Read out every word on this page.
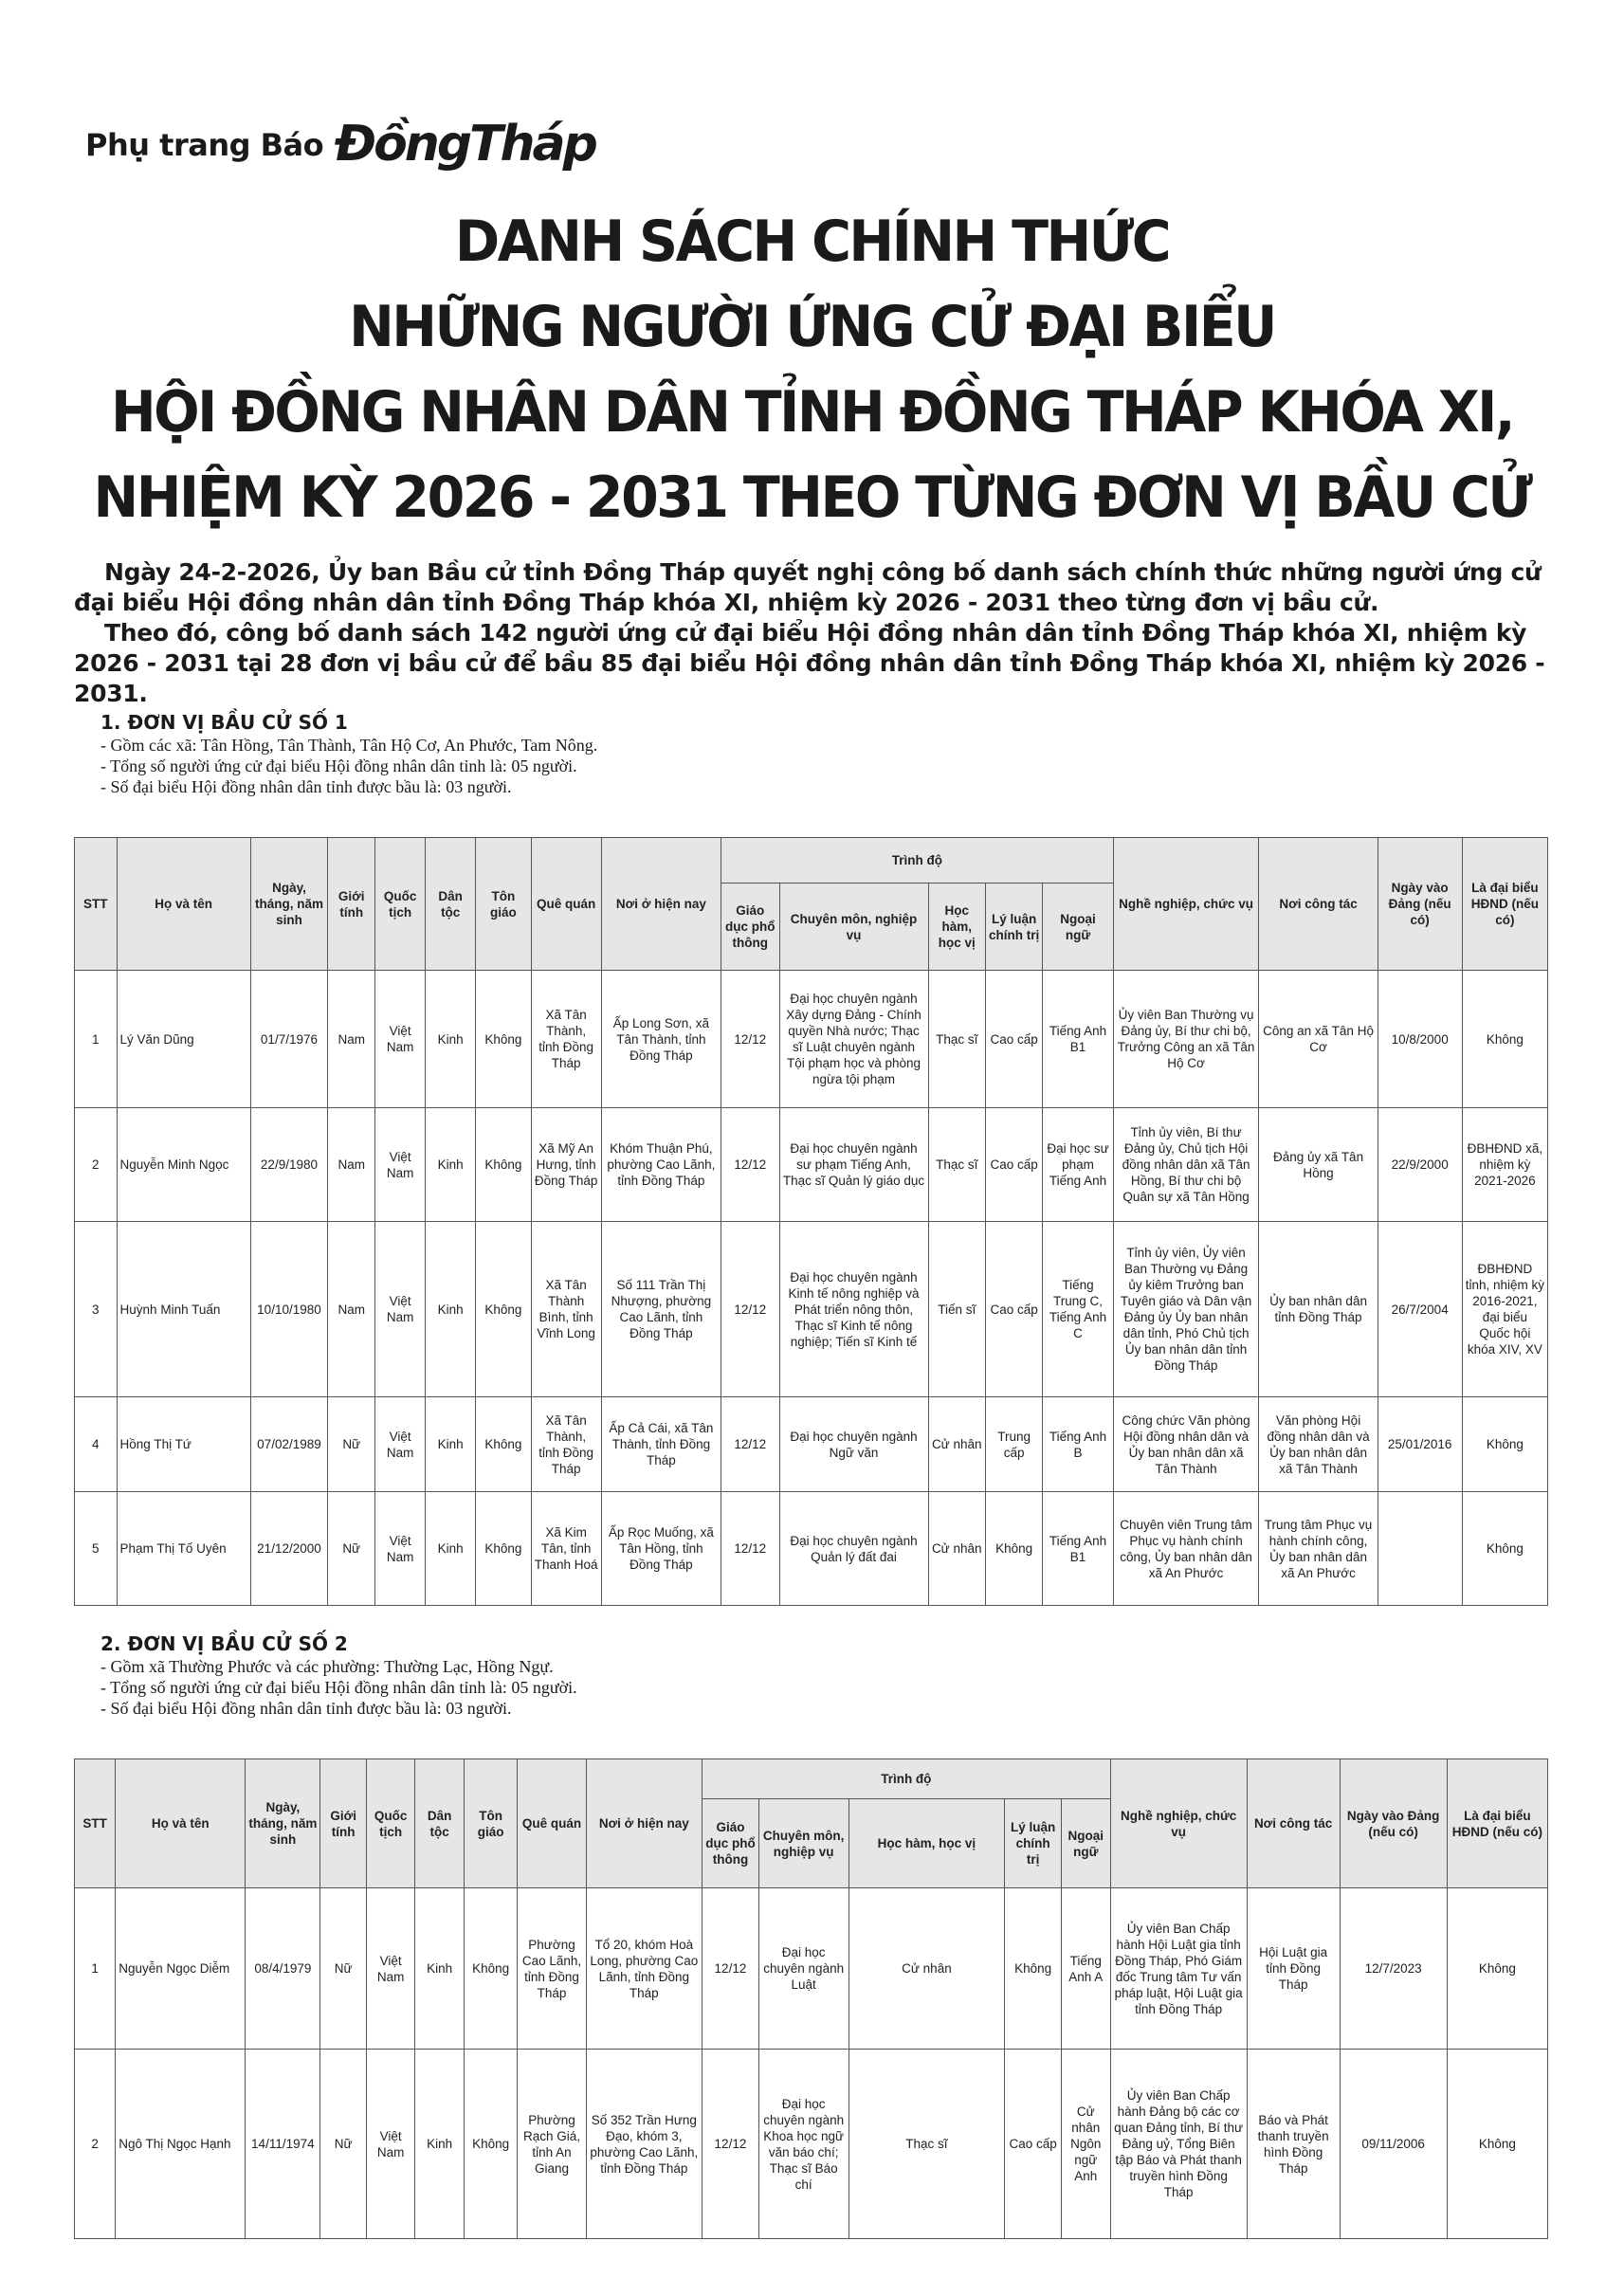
Phụ trang Báo ĐồngTháp
DANH SÁCH CHÍNH THỨC
NHỮNG NGƯỜI ỨNG CỬ ĐẠI BIỂU
HỘI ĐỒNG NHÂN DÂN TỈNH ĐỒNG THÁP KHÓA XI,
NHIỆM KỲ 2026 - 2031 THEO TỪNG ĐƠN VỊ BẦU CỬ

Ngày 24-2-2026, Ủy ban Bầu cử tỉnh Đồng Tháp quyết nghị công bố danh sách chính thức những người ứng cử đại biểu Hội đồng nhân dân tỉnh Đồng Tháp khóa XI, nhiệm kỳ 2026 - 2031 theo từng đơn vị bầu cử.

Theo đó, công bố danh sách 142 người ứng cử đại biểu Hội đồng nhân dân tỉnh Đồng Tháp khóa XI, nhiệm kỳ 2026 - 2031 tại 28 đơn vị bầu cử để bầu 85 đại biểu Hội đồng nhân dân tỉnh Đồng Tháp khóa XI, nhiệm kỳ 2026 - 2031.

1. ĐƠN VỊ BẦU CỬ SỐ 1
- Gồm các xã: Tân Hồng, Tân Thành, Tân Hộ Cơ, An Phước, Tam Nông.
- Tổng số người ứng cử đại biểu Hội đồng nhân dân tỉnh là: 05 người.
- Số đại biểu Hội đồng nhân dân tỉnh được bầu là: 03 người.
STT	Họ và tên	Ngày, tháng, năm sinh	Giới tính	Quốc tịch	Dân tộc	Tôn giáo	Quê quán	Nơi ở hiện nay	Trình độ					Nghề nghiệp, chức vụ	Nơi công tác	Ngày vào Đảng (nếu có)	Là đại biểu HĐND (nếu có)
									Giáo dục phổ thông	Chuyên môn, nghiệp vụ	Học hàm, học vị	Lý luận chính trị	Ngoại ngữ				
1	Lý Văn Dũng	01/7/1976	Nam	Việt Nam	Kinh	Không	Xã Tân Thành, tỉnh Đồng Tháp	Ấp Long Sơn, xã Tân Thành, tỉnh Đồng Tháp	12/12	Đại học chuyên ngành Xây dựng Đảng - Chính quyền Nhà nước; Thạc sĩ Luật chuyên ngành Tội phạm học và phòng ngừa tội phạm	Thạc sĩ	Cao cấp	Tiếng Anh B1	Ủy viên Ban Thường vụ Đảng ủy, Bí thư chi bộ, Trưởng Công an xã Tân Hộ Cơ	Công an xã Tân Hộ Cơ	10/8/2000	Không
2	Nguyễn Minh Ngọc	22/9/1980	Nam	Việt Nam	Kinh	Không	Xã Mỹ An Hưng, tỉnh Đồng Tháp	Khóm Thuận Phú, phường Cao Lãnh, tỉnh Đồng Tháp	12/12	Đại học chuyên ngành sư phạm Tiếng Anh, Thạc sĩ Quản lý giáo dục	Thạc sĩ	Cao cấp	Đại học sư phạm Tiếng Anh	Tỉnh ủy viên, Bí thư Đảng ủy, Chủ tịch Hội đồng nhân dân xã Tân Hồng, Bí thư chi bộ Quân sự xã Tân Hồng	Đảng ủy xã Tân Hồng	22/9/2000	ĐBHĐND xã, nhiệm kỳ 2021-2026
3	Huỳnh Minh Tuấn	10/10/1980	Nam	Việt Nam	Kinh	Không	Xã Tân Thành Bình, tỉnh Vĩnh Long	Số 111 Trần Thị Nhượng, phường Cao Lãnh, tỉnh Đồng Tháp	12/12	Đại học chuyên ngành Kinh tế nông nghiệp và Phát triển nông thôn, Thạc sĩ Kinh tế nông nghiệp; Tiến sĩ Kinh tế	Tiến sĩ	Cao cấp	Tiếng Trung C, Tiếng Anh C	Tỉnh ủy viên, Ủy viên Ban Thường vụ Đảng ủy kiêm Trưởng ban Tuyên giáo và Dân vận Đảng ủy Ủy ban nhân dân tỉnh, Phó Chủ tịch Ủy ban nhân dân tỉnh Đồng Tháp	Ủy ban nhân dân tỉnh Đồng Tháp	26/7/2004	ĐBHĐND tỉnh, nhiệm kỳ 2016-2021, đại biểu Quốc hội khóa XIV, XV
4	Hồng Thị Tứ	07/02/1989	Nữ	Việt Nam	Kinh	Không	Xã Tân Thành, tỉnh Đồng Tháp	Ấp Cả Cái, xã Tân Thành, tỉnh Đồng Tháp	12/12	Đại học chuyên ngành Ngữ văn	Cử nhân	Trung cấp	Tiếng Anh B	Công chức Văn phòng Hội đồng nhân dân và Ủy ban nhân dân xã Tân Thành	Văn phòng Hội đồng nhân dân và Ủy ban nhân dân xã Tân Thành	25/01/2016	Không
5	Phạm Thị Tố Uyên	21/12/2000	Nữ	Việt Nam	Kinh	Không	Xã Kim Tân, tỉnh Thanh Hoá	Ấp Rọc Muống, xã Tân Hồng, tỉnh Đồng Tháp	12/12	Đại học chuyên ngành Quản lý đất đai	Cử nhân	Không	Tiếng Anh B1	Chuyên viên Trung tâm Phục vụ hành chính công, Ủy ban nhân dân xã An Phước	Trung tâm Phục vụ hành chính công, Ủy ban nhân dân xã An Phước		Không
2. ĐƠN VỊ BẦU CỬ SỐ 2
- Gồm xã Thường Phước và các phường: Thường Lạc, Hồng Ngự.
- Tổng số người ứng cử đại biểu Hội đồng nhân dân tỉnh là: 05 người.
- Số đại biểu Hội đồng nhân dân tỉnh được bầu là: 03 người.
STT	Họ và tên	Ngày, tháng, năm sinh	Giới tính	Quốc tịch	Dân tộc	Tôn giáo	Quê quán	Nơi ở hiện nay	Trình độ					Nghề nghiệp, chức vụ	Nơi công tác	Ngày vào Đảng (nếu có)	Là đại biểu HĐND (nếu có)
									Giáo dục phổ thông	Chuyên môn, nghiệp vụ	Học hàm, học vị	Lý luận chính trị	Ngoại ngữ				
1	Nguyễn Ngọc Diễm	08/4/1979	Nữ	Việt Nam	Kinh	Không	Phường Cao Lãnh, tỉnh Đồng Tháp	Tổ 20, khóm Hoà Long, phường Cao Lãnh, tỉnh Đồng Tháp	12/12	Đại học chuyên ngành Luật	Cử nhân	Không	Tiếng Anh A	Ủy viên Ban Chấp hành Hội Luật gia tỉnh Đồng Tháp, Phó Giám đốc Trung tâm Tư vấn pháp luật, Hội Luật gia tỉnh Đồng Tháp	Hội Luật gia tỉnh Đồng Tháp	12/7/2023	Không
2	Ngô Thị Ngọc Hạnh	14/11/1974	Nữ	Việt Nam	Kinh	Không	Phường Rạch Giá, tỉnh An Giang	Số 352 Trần Hưng Đạo, khóm 3, phường Cao Lãnh, tỉnh Đồng Tháp	12/12	Đại học chuyên ngành Khoa học ngữ văn báo chí; Thạc sĩ Báo chí	Thạc sĩ	Cao cấp	Cử nhân Ngôn ngữ Anh	Ủy viên Ban Chấp hành Đảng bộ các cơ quan Đảng tỉnh, Bí thư Đảng uỷ, Tổng Biên tập Báo và Phát thanh truyền hình Đồng Tháp	Báo và Phát thanh truyền hình Đồng Tháp	09/11/2006	Không
